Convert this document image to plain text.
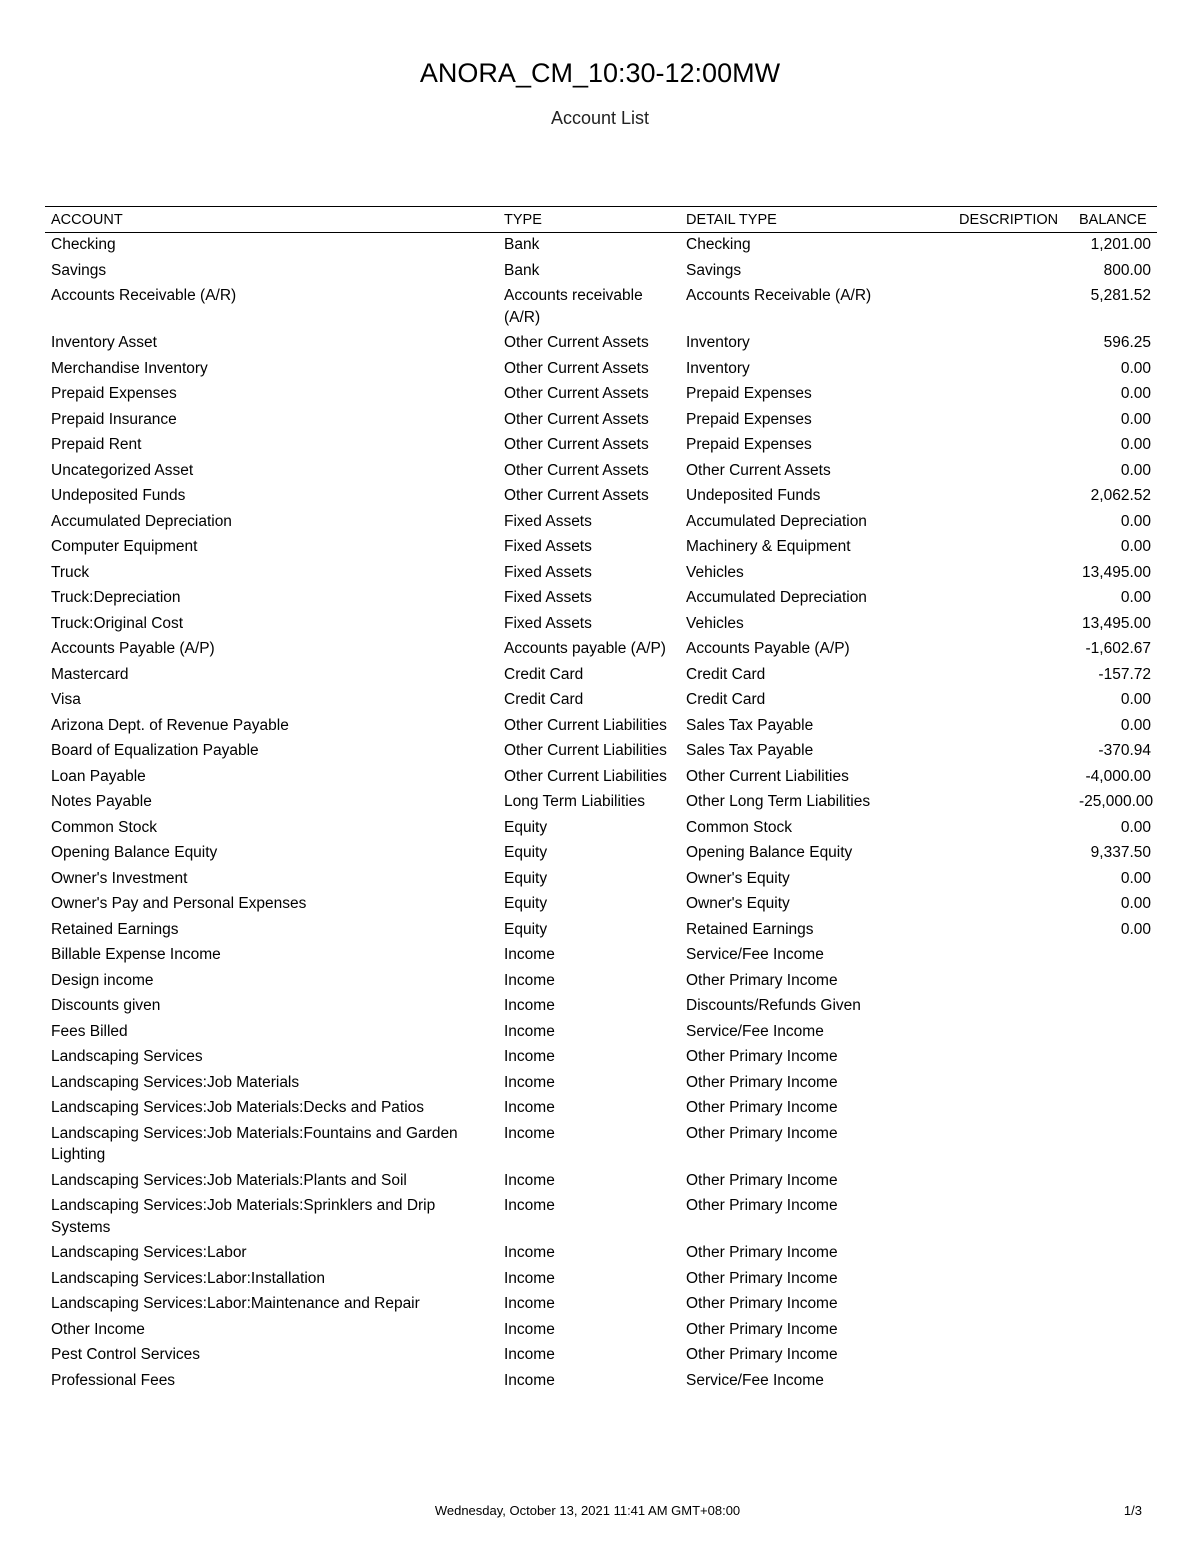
ANORA_CM_10:30-12:00MW
Account List
ACCOUNT	TYPE	DETAIL TYPE	DESCRIPTION	BALANCE
Checking	Bank	Checking		1,201.00
Savings	Bank	Savings		800.00
Accounts Receivable (A/R)	Accounts receivable (A/R)	Accounts Receivable (A/R)		5,281.52
Inventory Asset	Other Current Assets	Inventory		596.25
Merchandise Inventory	Other Current Assets	Inventory		0.00
Prepaid Expenses	Other Current Assets	Prepaid Expenses		0.00
Prepaid Insurance	Other Current Assets	Prepaid Expenses		0.00
Prepaid Rent	Other Current Assets	Prepaid Expenses		0.00
Uncategorized Asset	Other Current Assets	Other Current Assets		0.00
Undeposited Funds	Other Current Assets	Undeposited Funds		2,062.52
Accumulated Depreciation	Fixed Assets	Accumulated Depreciation		0.00
Computer Equipment	Fixed Assets	Machinery & Equipment		0.00
Truck	Fixed Assets	Vehicles		13,495.00
Truck:Depreciation	Fixed Assets	Accumulated Depreciation		0.00
Truck:Original Cost	Fixed Assets	Vehicles		13,495.00
Accounts Payable (A/P)	Accounts payable (A/P)	Accounts Payable (A/P)		-1,602.67
Mastercard	Credit Card	Credit Card		-157.72
Visa	Credit Card	Credit Card		0.00
Arizona Dept. of Revenue Payable	Other Current Liabilities	Sales Tax Payable		0.00
Board of Equalization Payable	Other Current Liabilities	Sales Tax Payable		-370.94
Loan Payable	Other Current Liabilities	Other Current Liabilities		-4,000.00
Notes Payable	Long Term Liabilities	Other Long Term Liabilities		-25,000.00
Common Stock	Equity	Common Stock		0.00
Opening Balance Equity	Equity	Opening Balance Equity		9,337.50
Owner's Investment	Equity	Owner's Equity		0.00
Owner's Pay and Personal Expenses	Equity	Owner's Equity		0.00
Retained Earnings	Equity	Retained Earnings		0.00
Billable Expense Income	Income	Service/Fee Income		
Design income	Income	Other Primary Income		
Discounts given	Income	Discounts/Refunds Given		
Fees Billed	Income	Service/Fee Income		
Landscaping Services	Income	Other Primary Income		
Landscaping Services:Job Materials	Income	Other Primary Income		
Landscaping Services:Job Materials:Decks and Patios	Income	Other Primary Income		
Landscaping Services:Job Materials:Fountains and Garden Lighting	Income	Other Primary Income		
Landscaping Services:Job Materials:Plants and Soil	Income	Other Primary Income		
Landscaping Services:Job Materials:Sprinklers and Drip Systems	Income	Other Primary Income		
Landscaping Services:Labor	Income	Other Primary Income		
Landscaping Services:Labor:Installation	Income	Other Primary Income		
Landscaping Services:Labor:Maintenance and Repair	Income	Other Primary Income		
Other Income	Income	Other Primary Income		
Pest Control Services	Income	Other Primary Income		
Professional Fees	Income	Service/Fee Income		
Wednesday, October 13, 2021 11:41 AM GMT+08:00	1/3
